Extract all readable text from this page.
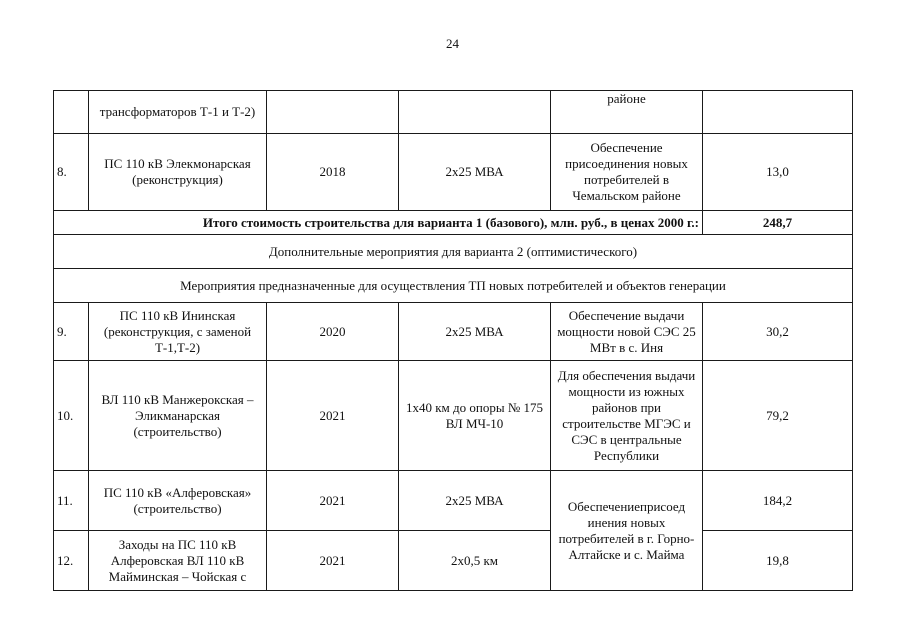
24
	трансформаторов Т-1 и Т-2)			районе	
8.	ПС 110 кВ Элекмонарская (реконструкция)	2018	2х25 МВА	Обеспечение присоединения новых потребителей в Чемальском районе	13,0
Итого стоимость строительства для варианта 1 (базового), млн. руб., в ценах 2000 г.:					248,7
Дополнительные мероприятия для варианта 2 (оптимистического)					
Мероприятия предназначенные для осуществления ТП новых потребителей и объектов генерации					
9.	ПС 110 кВ Ининская (реконструкция, с заменой Т-1,Т-2)	2020	2х25 МВА	Обеспечение выдачи мощности новой СЭС 25 МВт в с. Иня	30,2
10.	ВЛ 110 кВ Манжерокская – Эликманарская (строительство)	2021	1х40 км до опоры № 175 ВЛ МЧ-10	Для обеспечения выдачи мощности из южных районов при строительстве МГЭС и СЭС в центральные Республики	79,2
11.	ПС 110 кВ «Алферовская» (строительство)	2021	2х25 МВА	Обеспечениеприсоед инения новых потребителей в г. Горно-Алтайске и с. Майма	184,2
12.	Заходы на ПС 110 кВ Алферовская ВЛ 110 кВ Майминская – Чойская с	2021	2х0,5 км		19,8
